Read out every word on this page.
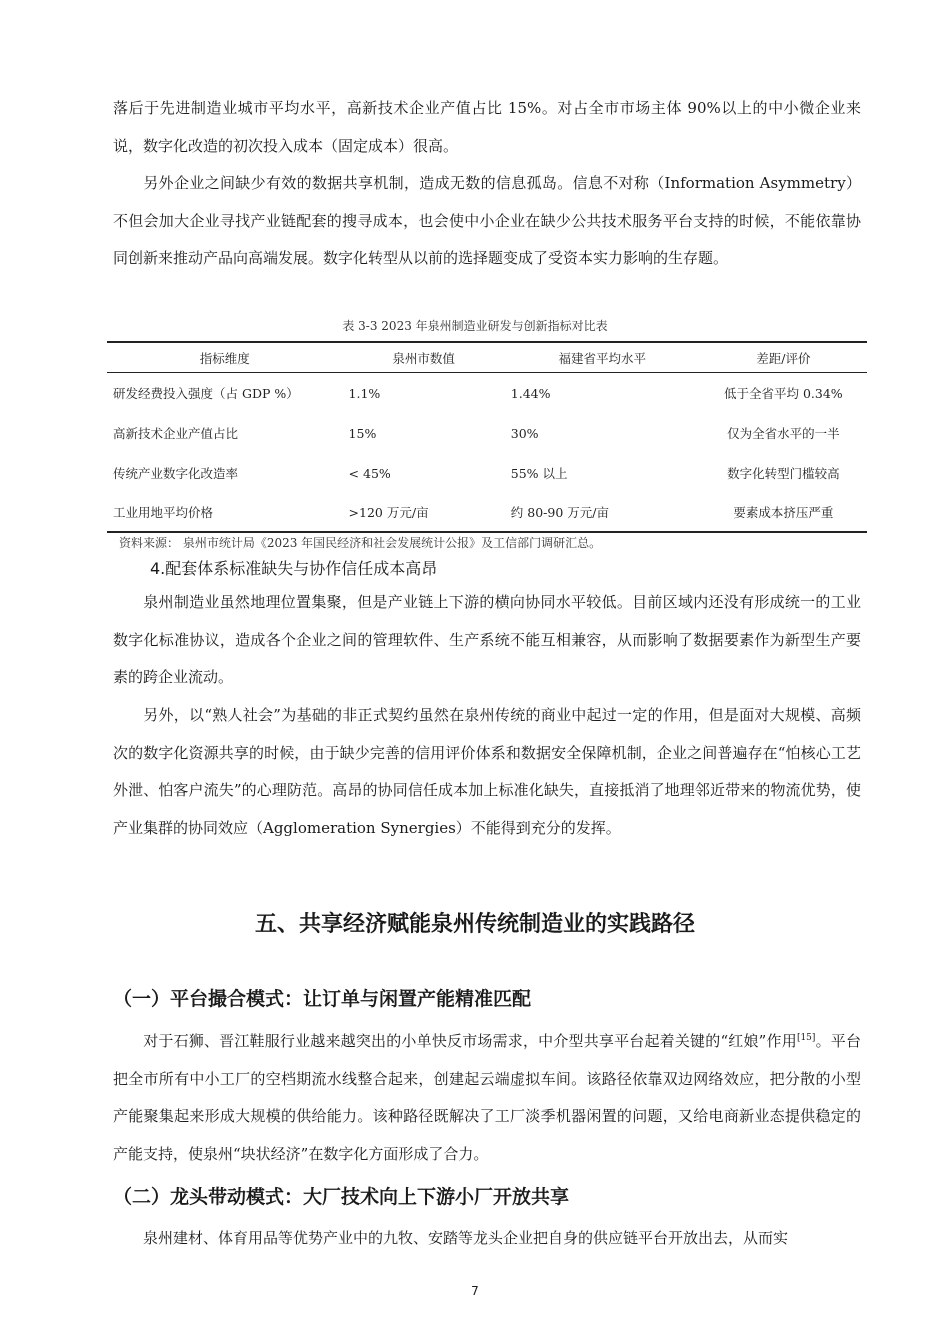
落后于先进制造业城市平均水平，高新技术企业产值占比 15%。对占全市市场主体 90%以上的中小微企业来说，数字化改造的初次投入成本（固定成本）很高。

另外企业之间缺少有效的数据共享机制，造成无数的信息孤岛。信息不对称（Information Asymmetry）不但会加大企业寻找产业链配套的搜寻成本，也会使中小企业在缺少公共技术服务平台支持的时候，不能依靠协同创新来推动产品向高端发展。数字化转型从以前的选择题变成了受资本实力影响的生存题。

表 3-3 2023 年泉州制造业研发与创新指标对比表

指标维度	泉州市数值	福建省平均水平	差距/评价
研发经费投入强度（占 GDP %）	1.1%	1.44%	低于全省平均 0.34%
高新技术企业产值占比	15%	30%	仅为全省水平的一半
传统产业数字化改造率	< 45%	55% 以上	数字化转型门槛较高
工业用地平均价格	>120 万元/亩	约 80-90 万元/亩	要素成本挤压严重

资料来源： 泉州市统计局《2023 年国民经济和社会发展统计公报》及工信部门调研汇总。

4.配套体系标准缺失与协作信任成本高昂

泉州制造业虽然地理位置集聚，但是产业链上下游的横向协同水平较低。目前区域内还没有形成统一的工业数字化标准协议，造成各个企业之间的管理软件、生产系统不能互相兼容，从而影响了数据要素作为新型生产要素的跨企业流动。

另外，以“熟人社会”为基础的非正式契约虽然在泉州传统的商业中起过一定的作用，但是面对大规模、高频次的数字化资源共享的时候，由于缺少完善的信用评价体系和数据安全保障机制，企业之间普遍存在“怕核心工艺外泄、怕客户流失”的心理防范。高昂的协同信任成本加上标准化缺失，直接抵消了地理邻近带来的物流优势，使产业集群的协同效应（Agglomeration Synergies）不能得到充分的发挥。

五、共享经济赋能泉州传统制造业的实践路径

（一）平台撮合模式：让订单与闲置产能精准匹配

对于石狮、晋江鞋服行业越来越突出的小单快反市场需求，中介型共享平台起着关键的“红娘”作用[15]。平台把全市所有中小工厂的空档期流水线整合起来，创建起云端虚拟车间。该路径依靠双边网络效应，把分散的小型产能聚集起来形成大规模的供给能力。该种路径既解决了工厂淡季机器闲置的问题，又给电商新业态提供稳定的产能支持，使泉州“块状经济”在数字化方面形成了合力。

（二）龙头带动模式：大厂技术向上下游小厂开放共享

泉州建材、体育用品等优势产业中的九牧、安踏等龙头企业把自身的供应链平台开放出去，从而实

7
